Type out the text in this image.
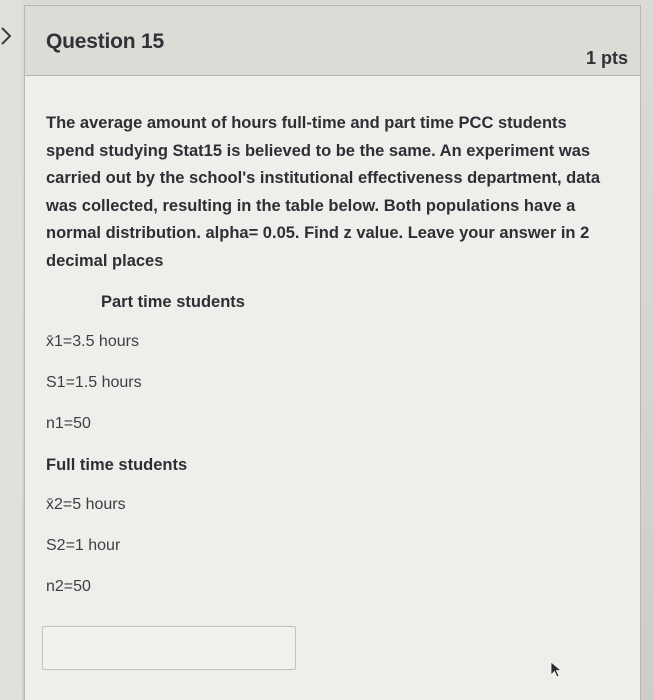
Question 15
1 pts

The average amount of hours full-time and part time PCC students
spend studying Stat15 is believed to be the same. An experiment was
carried out by the school's institutional effectiveness department, data
was collected, resulting in the table below. Both populations have a
normal distribution. alpha= 0.05. Find z value. Leave your answer in 2
decimal places

Part time students
x̄1=3.5 hours
S1=1.5 hours
n1=50
Full time students
x̄2=5 hours
S2=1 hour
n2=50
